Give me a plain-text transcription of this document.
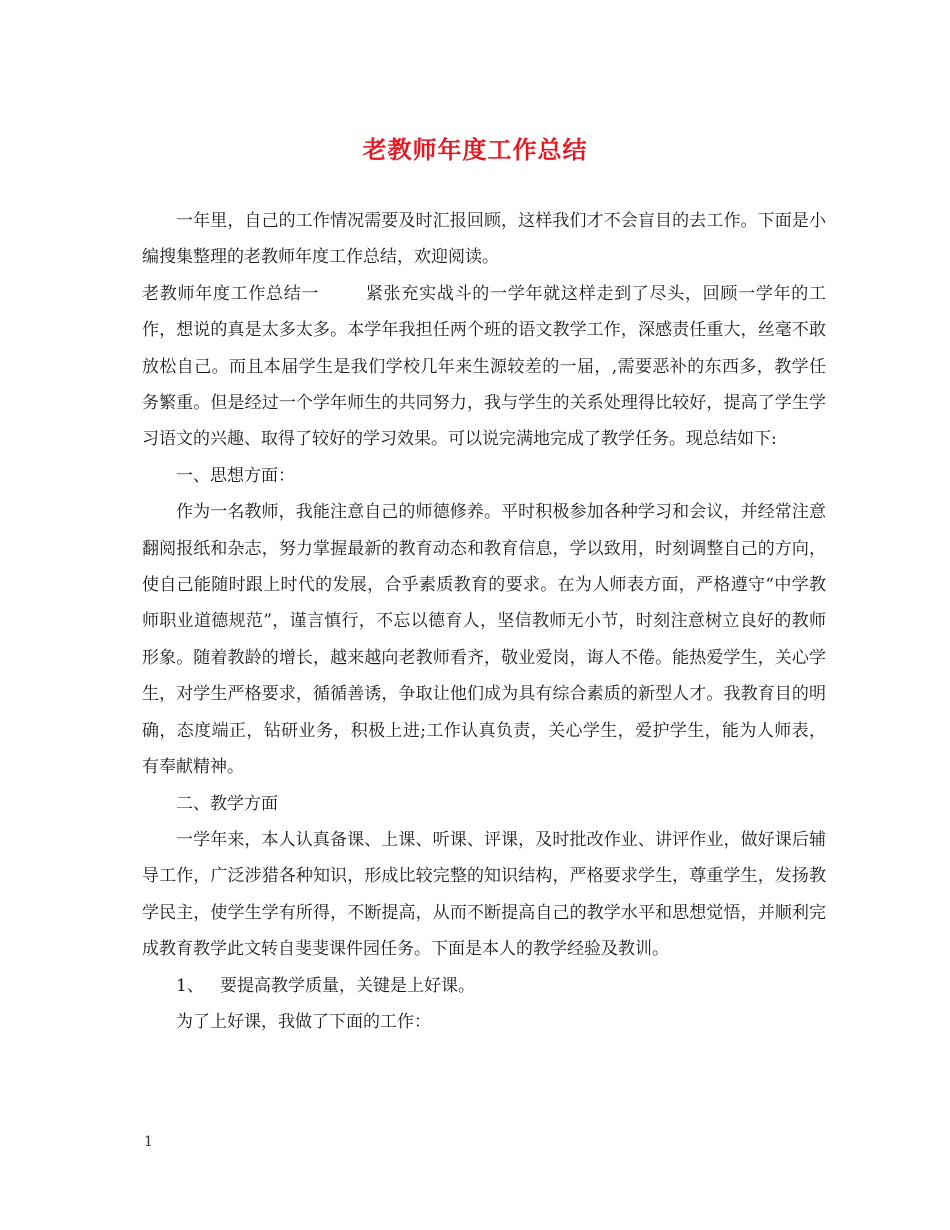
老教师年度工作总结

一年里，自己的工作情况需要及时汇报回顾，这样我们才不会盲目的去工作。下面是小编搜集整理的老教师年度工作总结，欢迎阅读。

老教师年度工作总结一	紧张充实战斗的一学年就这样走到了尽头，回顾一学年的工作，想说的真是太多太多。本学年我担任两个班的语文教学工作，深感责任重大，丝毫不敢放松自己。而且本届学生是我们学校几年来生源较差的一届，,需要恶补的东西多，教学任务繁重。但是经过一个学年师生的共同努力，我与学生的关系处理得比较好，提高了学生学习语文的兴趣、取得了较好的学习效果。可以说完满地完成了教学任务。现总结如下:

一、思想方面：

作为一名教师，我能注意自己的师德修养。平时积极参加各种学习和会议，并经常注意翻阅报纸和杂志，努力掌握最新的教育动态和教育信息，学以致用，时刻调整自己的方向，使自己能随时跟上时代的发展，合乎素质教育的要求。在为人师表方面，严格遵守“中学教师职业道德规范”，谨言慎行，不忘以德育人，坚信教师无小节，时刻注意树立良好的教师形象。随着教龄的增长，越来越向老教师看齐，敬业爱岗，诲人不倦。能热爱学生，关心学生，对学生严格要求，循循善诱，争取让他们成为具有综合素质的新型人才。我教育目的明确，态度端正，钻研业务，积极上进;工作认真负责，关心学生，爱护学生，能为人师表，有奉献精神。

二、教学方面

一学年来，本人认真备课、上课、听课、评课，及时批改作业、讲评作业，做好课后辅导工作，广泛涉猎各种知识，形成比较完整的知识结构，严格要求学生，尊重学生，发扬教学民主，使学生学有所得，不断提高，从而不断提高自己的教学水平和思想觉悟，并顺利完成教育教学此文转自斐斐课件园任务。下面是本人的教学经验及教训。

1、 要提高教学质量，关键是上好课。

为了上好课，我做了下面的工作：

1
